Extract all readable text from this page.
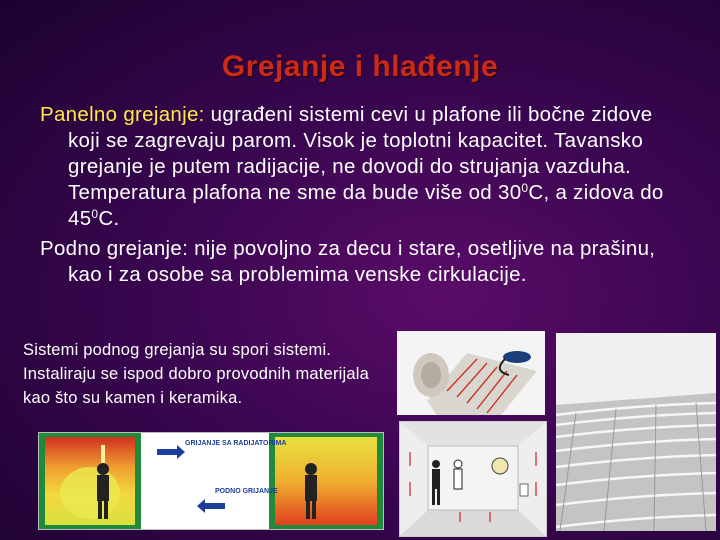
Grejanje i hlađenje

Panelno grejanje: ugrađeni sistemi cevi u plafone ili bočne zidove koji se zagrevaju parom. Visok je toplotni kapacitet. Tavansko grejanje je putem radijacije, ne dovodi do strujanja vazduha. Temperatura plafona ne sme da bude više od $30^0C$, a zidova do $45^0C$.

Podno grejanje: nije povoljno za decu i stare, osetljive na prašinu, kao i za osobe sa problemima venske cirkulacije.

Sistemi podnog grejanja su spori sistemi. Instaliraju se ispod dobro provodnih materijala kao što su kamen i keramika.
GRIJANJE SA RADIJATORIMA
PODNO GRIJANJE
